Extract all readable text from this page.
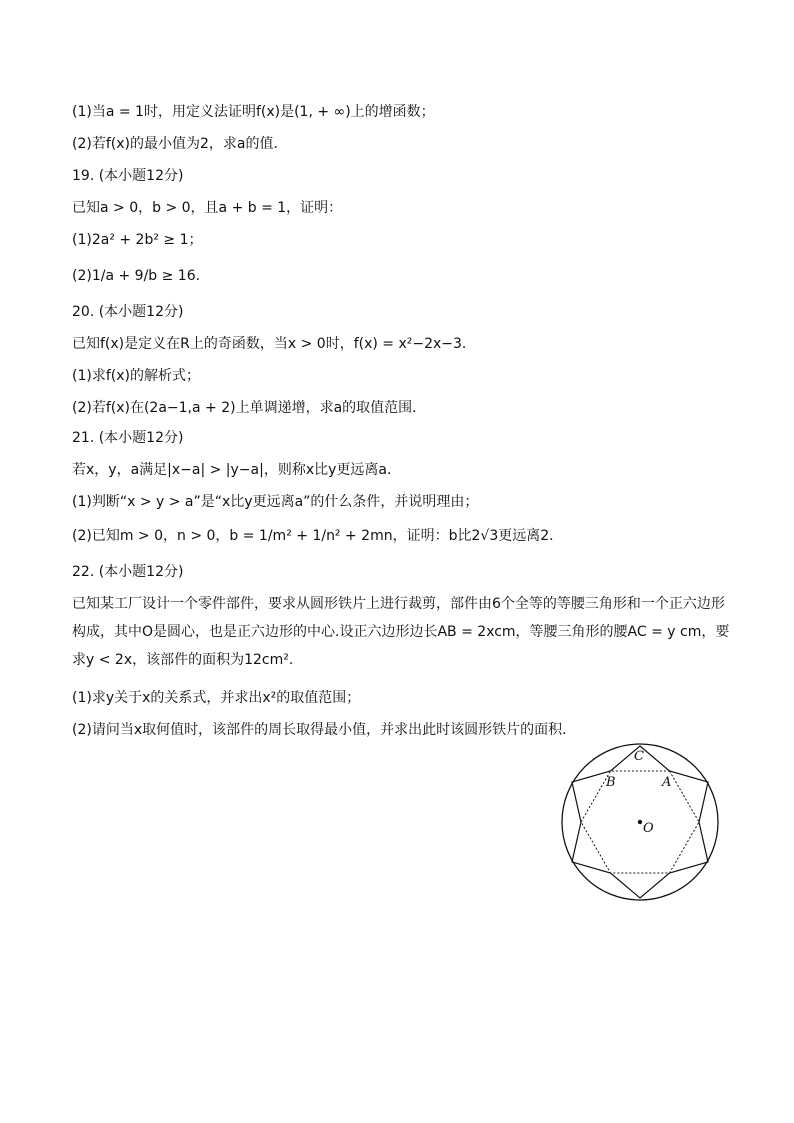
(1)当a = 1时，用定义法证明f(x)是(1, + ∞)上的增函数；
(2)若f(x)的最小值为2，求a的值．
19. (本小题12分)
已知a > 0，b > 0，且a + b = 1，证明：
(1)2a² + 2b² ≥ 1；
(2)1/a + 9/b ≥ 16.
20. (本小题12分)
已知f(x)是定义在R上的奇函数，当x > 0时，f(x) = x²−2x−3．
(1)求f(x)的解析式；
(2)若f(x)在(2a−1,a + 2)上单调递增，求a的取值范围．
21. (本小题12分)
若x，y，a满足|x−a| > |y−a|，则称x比y更远离a．
(1)判断“x > y > a”是“x比y更远离a”的什么条件，并说明理由；
(2)已知m > 0，n > 0，b = 1/m² + 1/n² + 2mn，证明：b比2√3更远离2．
22. (本小题12分)
已知某工厂设计一个零件部件，要求从圆形铁片上进行裁剪，部件由6个全等的等腰三角形和一个正六边形构成，其中O是圆心，也是正六边形的中心.设正六边形边长AB = 2xcm，等腰三角形的腰AC = y cm，要求y < 2x，该部件的面积为12cm².
(1)求y关于x的关系式，并求出x²的取值范围；
(2)请问当x取何值时，该部件的周长取得最小值，并求出此时该圆形铁片的面积．
C
B	A
O
